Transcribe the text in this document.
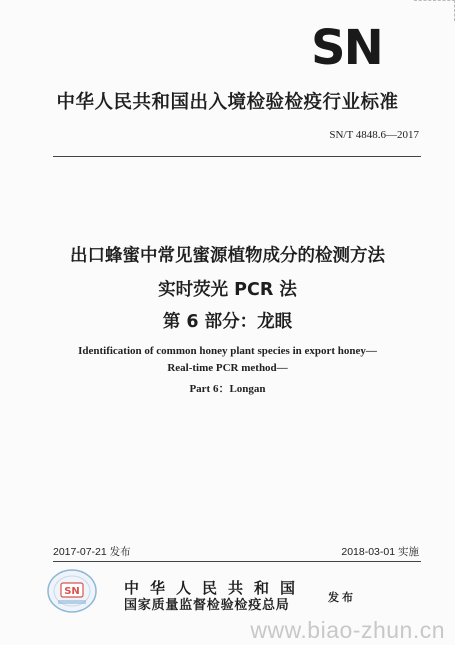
SN
中华人民共和国出入境检验检疫行业标准
SN/T 4848.6—2017
出口蜂蜜中常见蜜源植物成分的检测方法
实时荧光 PCR 法
第 6 部分：龙眼
Identification of common honey plant species in export honey—
Real-time PCR method—
Part 6：Longan
2017-07-21 发布	2018-03-01 实施
SN	中华人民共和国
国家质量监督检验检疫总局
发布
www.biao-zhun.cn
